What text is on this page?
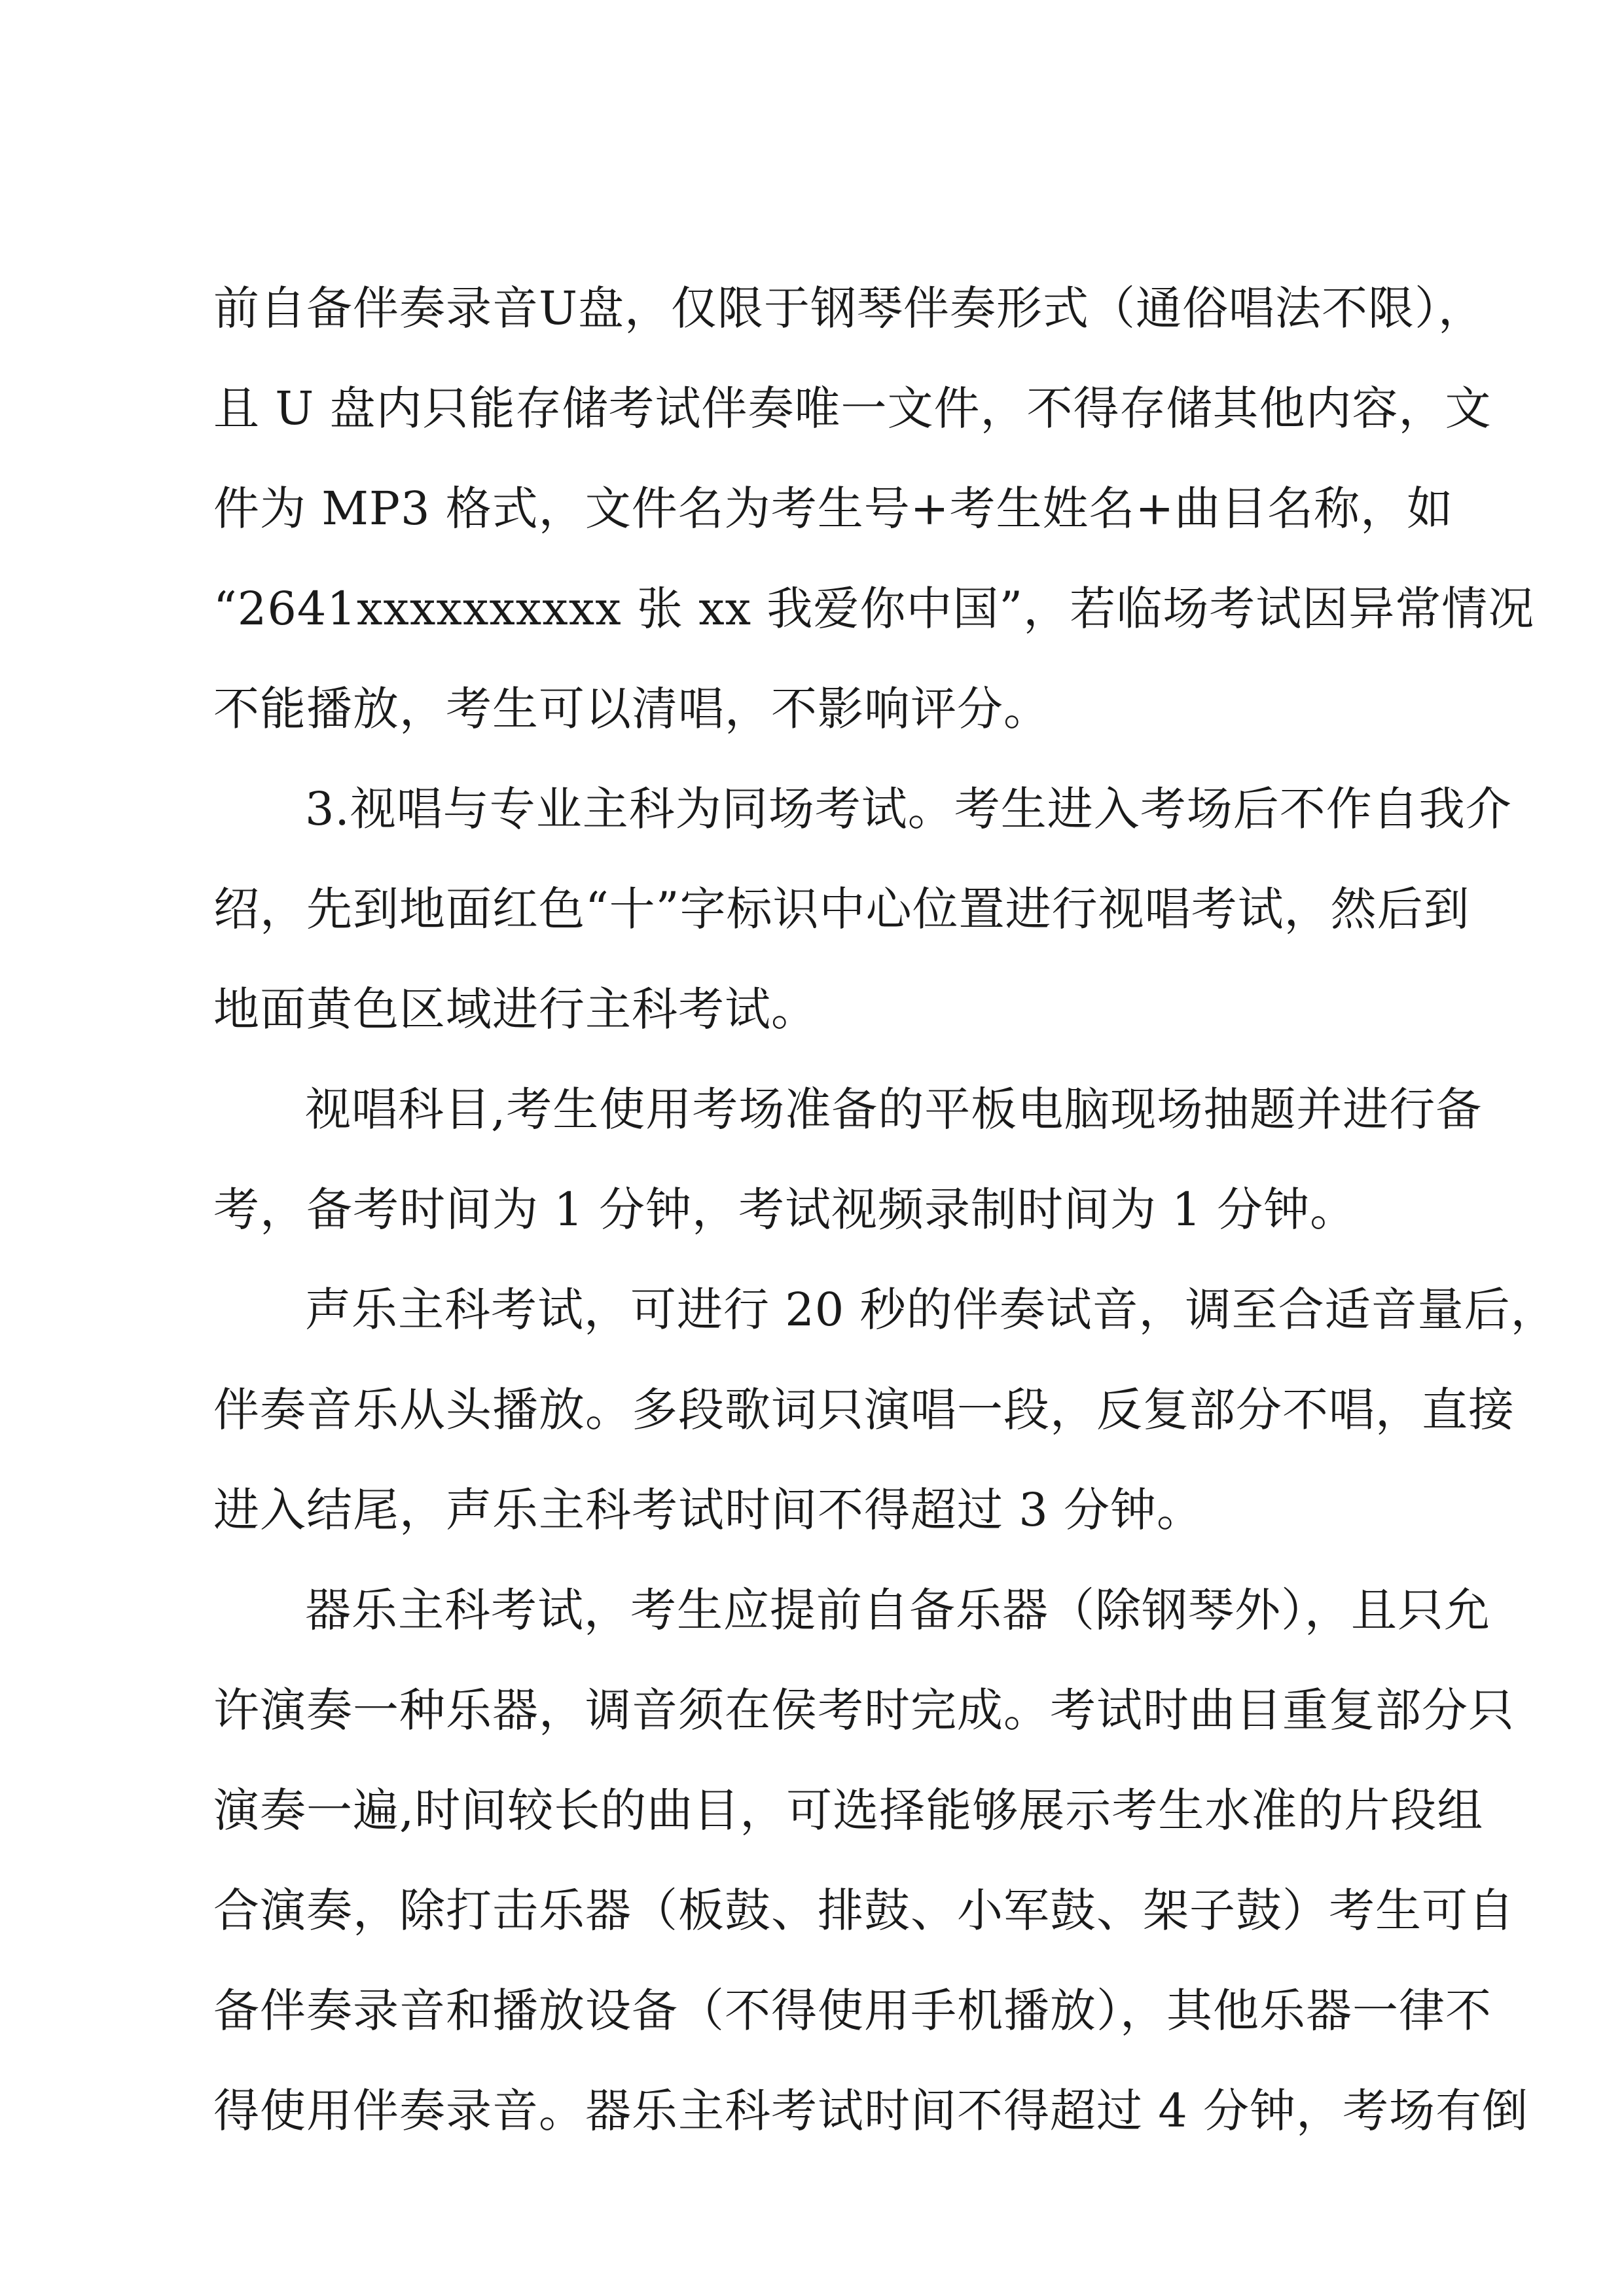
前自备伴奏录音U盘，仅限于钢琴伴奏形式（通俗唱法不限），
且 U 盘内只能存储考试伴奏唯一文件，不得存储其他内容，文
件为 MP3 格式，文件名为考生号+考生姓名+曲目名称，如
“2641xxxxxxxxxx 张 xx 我爱你中国”，若临场考试因异常情况
不能播放，考生可以清唱，不影响评分。
3.视唱与专业主科为同场考试。考生进入考场后不作自我介
绍，先到地面红色“十”字标识中心位置进行视唱考试，然后到
地面黄色区域进行主科考试。
视唱科目,考生使用考场准备的平板电脑现场抽题并进行备
考，备考时间为 1 分钟，考试视频录制时间为 1 分钟。
声乐主科考试，可进行 20 秒的伴奏试音，调至合适音量后，
伴奏音乐从头播放。多段歌词只演唱一段，反复部分不唱，直接
进入结尾，声乐主科考试时间不得超过 3 分钟。
器乐主科考试，考生应提前自备乐器（除钢琴外），且只允
许演奏一种乐器，调音须在侯考时完成。考试时曲目重复部分只
演奏一遍,时间较长的曲目，可选择能够展示考生水准的片段组
合演奏，除打击乐器（板鼓、排鼓、小军鼓、架子鼓）考生可自
备伴奏录音和播放设备（不得使用手机播放），其他乐器一律不
得使用伴奏录音。器乐主科考试时间不得超过 4 分钟，考场有倒
